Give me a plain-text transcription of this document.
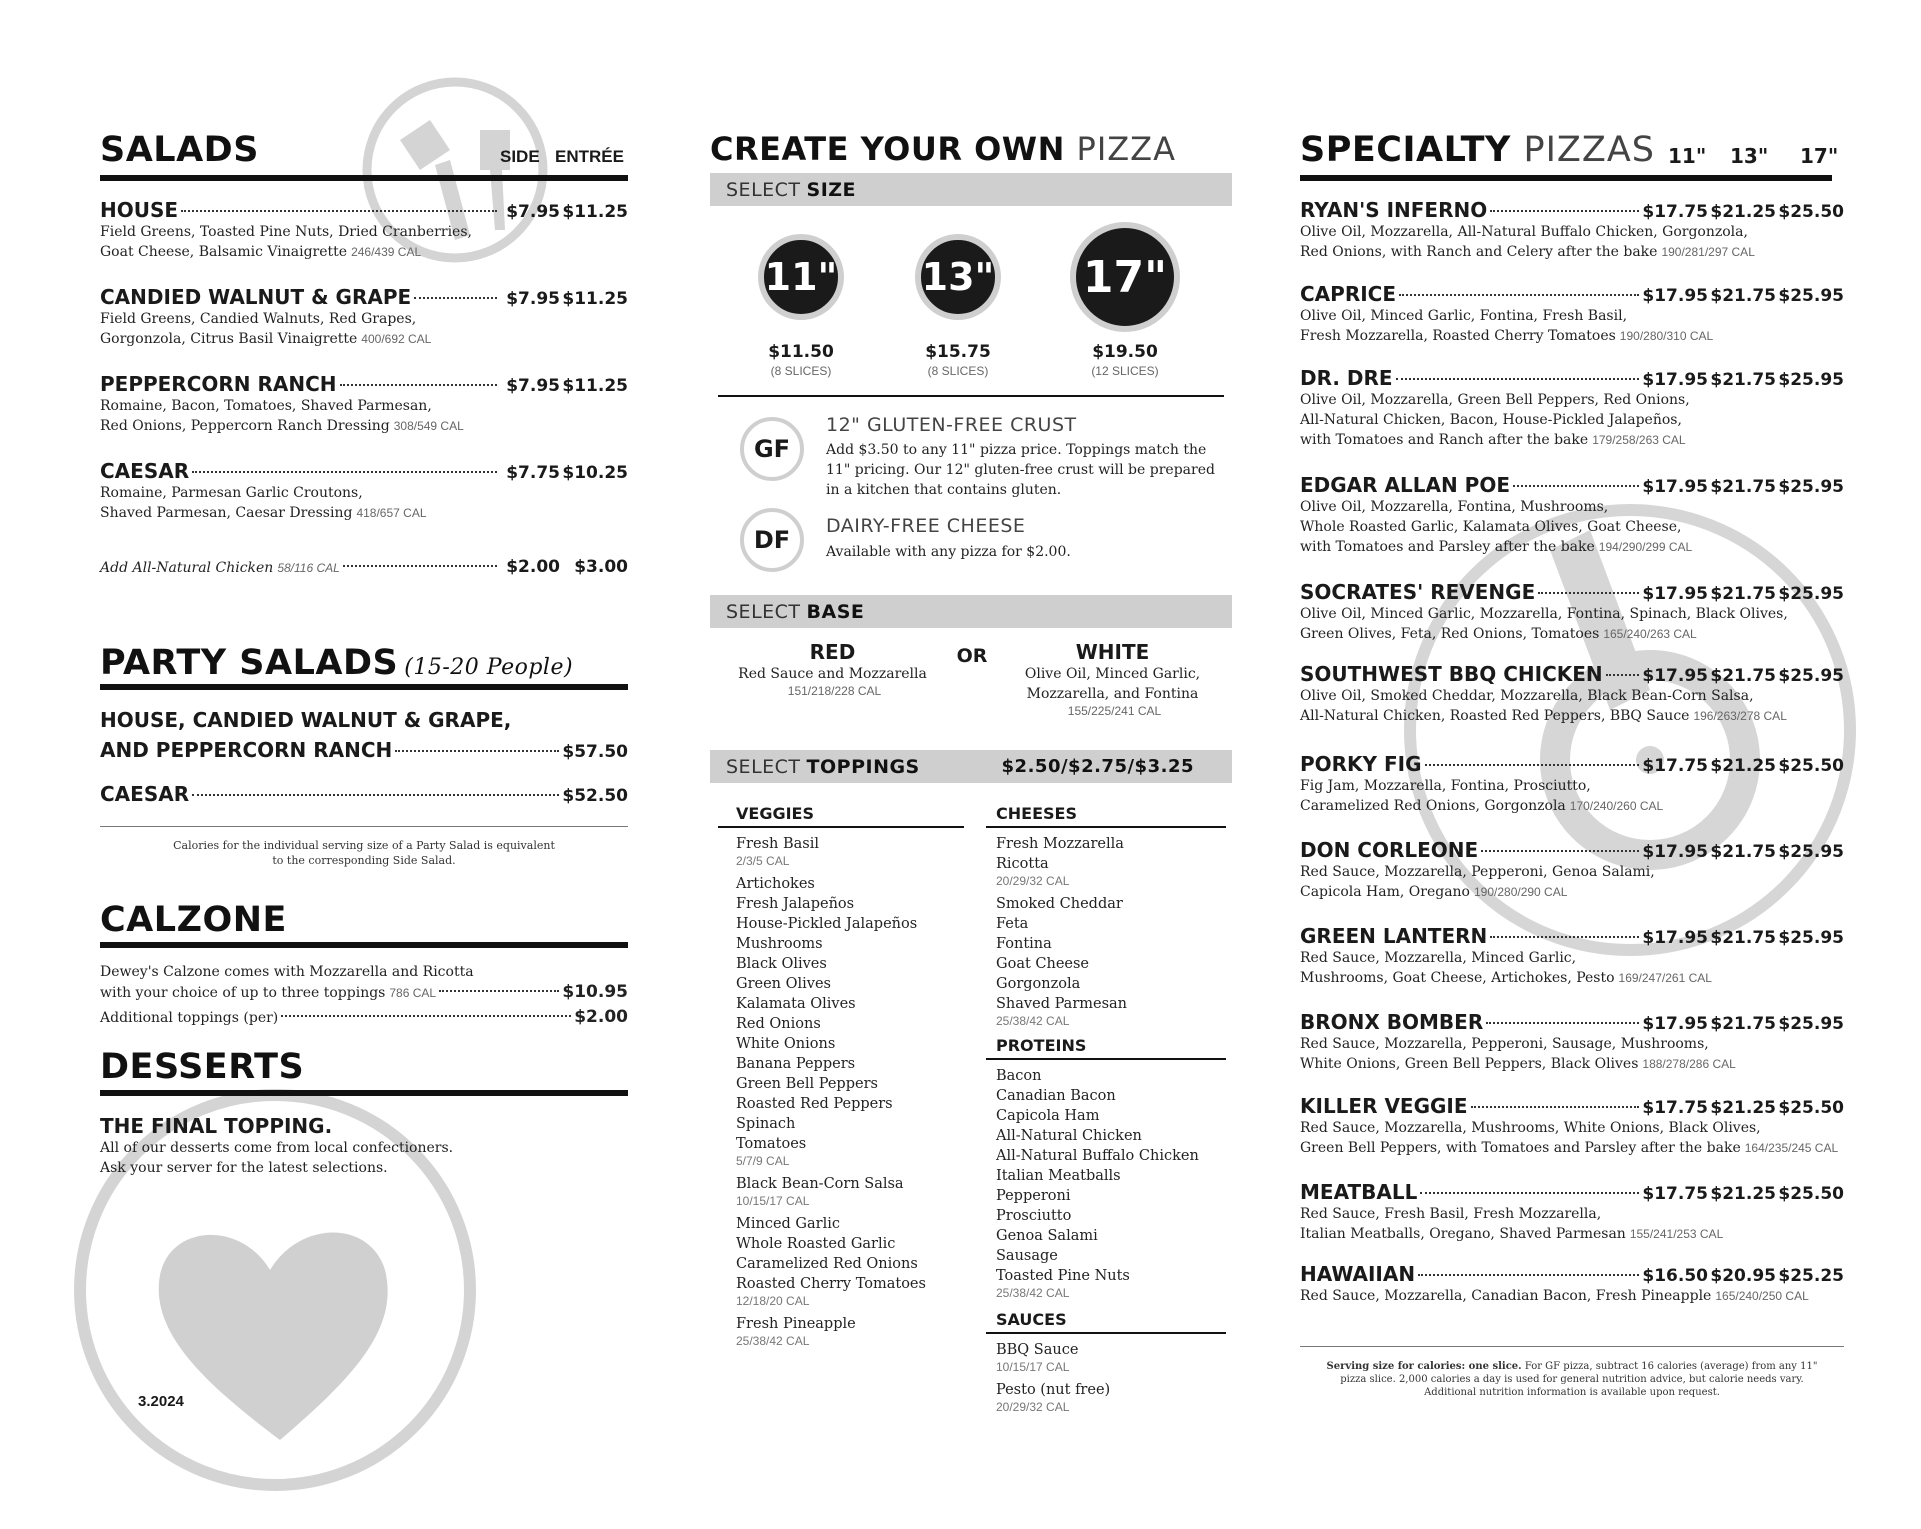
SALADS	SIDE ENTRÉE
HOUSE	$7.95 $11.25
Field Greens, Toasted Pine Nuts, Dried Cranberries,
Goat Cheese, Balsamic Vinaigrette 246/439 CAL
CANDIED WALNUT & GRAPE	$7.95 $11.25
Field Greens, Candied Walnuts, Red Grapes,
Gorgonzola, Citrus Basil Vinaigrette 400/692 CAL
PEPPERCORN RANCH	$7.95 $11.25
Romaine, Bacon, Tomatoes, Shaved Parmesan,
Red Onions, Peppercorn Ranch Dressing 308/549 CAL
CAESAR	$7.75 $10.25
Romaine, Parmesan Garlic Croutons,
Shaved Parmesan, Caesar Dressing 418/657 CAL
Add All-Natural Chicken 58/116 CAL	$2.00 $3.00
PARTY SALADS (15-20 People)
HOUSE, CANDIED WALNUT & GRAPE,
AND PEPPERCORN RANCH	$57.50
CAESAR	$52.50
Calories for the individual serving size of a Party Salad is equivalent
to the corresponding Side Salad.
CALZONE
Dewey's Calzone comes with Mozzarella and Ricotta
with your choice of up to three toppings 786 CAL	$10.95
Additional toppings (per)	$2.00
DESSERTS
THE FINAL TOPPING.
All of our desserts come from local confectioners.
Ask your server for the latest selections.
3.2024
CREATE YOUR OWN PIZZA
SELECT SIZE
11" 13" 17"
$11.50	$15.75	$19.50
(8 SLICES)	(8 SLICES)	(12 SLICES)
GF
12" GLUTEN-FREE CRUST
Add $3.50 to any 11" pizza price. Toppings match the
11" pricing. Our 12" gluten-free crust will be prepared
in a kitchen that contains gluten.
DF	DAIRY-FREE CHEESE
Available with any pizza for $2.00.
SELECT BASE
RED
Red Sauce and Mozzarella
151/218/228 CAL
OR	WHITE
Olive Oil, Minced Garlic,
Mozzarella, and Fontina
155/225/241 CAL
SELECT TOPPINGS	$2.50/$2.75/$3.25
VEGGIES
Fresh Basil
2/3/5 CAL
Artichokes
Fresh Jalapeños
House-Pickled Jalapeños
Mushrooms
Black Olives
Green Olives
Kalamata Olives
Red Onions
White Onions
Banana Peppers
Green Bell Peppers
Roasted Red Peppers
Spinach
Tomatoes
5/7/9 CAL
Black Bean-Corn Salsa
10/15/17 CAL
Minced Garlic
Whole Roasted Garlic
Caramelized Red Onions
Roasted Cherry Tomatoes
12/18/20 CAL
Fresh Pineapple
25/38/42 CAL
CHEESES
Fresh Mozzarella
Ricotta
20/29/32 CAL
Smoked Cheddar
Feta
Fontina
Goat Cheese
Gorgonzola
Shaved Parmesan
25/38/42 CAL
PROTEINS
Bacon
Canadian Bacon
Capicola Ham
All-Natural Chicken
All-Natural Buffalo Chicken
Italian Meatballs
Pepperoni
Prosciutto
Genoa Salami
Sausage
Toasted Pine Nuts
25/38/42 CAL
SAUCES
BBQ Sauce
10/15/17 CAL
Pesto (nut free)
20/29/32 CAL
SPECIALTY PIZZAS 11" 13" 17"
RYAN'S INFERNO	$17.75 $21.25 $25.50
Olive Oil, Mozzarella, All-Natural Buffalo Chicken, Gorgonzola,
Red Onions, with Ranch and Celery after the bake 190/281/297 CAL
CAPRICE	$17.95 $21.75 $25.95
Olive Oil, Minced Garlic, Fontina, Fresh Basil,
Fresh Mozzarella, Roasted Cherry Tomatoes 190/280/310 CAL
DR. DRE	$17.95 $21.75 $25.95
Olive Oil, Mozzarella, Green Bell Peppers, Red Onions,
All-Natural Chicken, Bacon, House-Pickled Jalapeños,
with Tomatoes and Ranch after the bake 179/258/263 CAL
EDGAR ALLAN POE	$17.95 $21.75 $25.95
Olive Oil, Mozzarella, Fontina, Mushrooms,
Whole Roasted Garlic, Kalamata Olives, Goat Cheese,
with Tomatoes and Parsley after the bake 194/290/299 CAL
SOCRATES' REVENGE	$17.95 $21.75 $25.95
Olive Oil, Minced Garlic, Mozzarella, Fontina, Spinach, Black Olives,
Green Olives, Feta, Red Onions, Tomatoes 165/240/263 CAL
SOUTHWEST BBQ CHICKEN $17.95 $21.75 $25.95
Olive Oil, Smoked Cheddar, Mozzarella, Black Bean-Corn Salsa,
All-Natural Chicken, Roasted Red Peppers, BBQ Sauce 196/263/278 CAL
PORKY FIG	$17.75 $21.25 $25.50
Fig Jam, Mozzarella, Fontina, Prosciutto,
Caramelized Red Onions, Gorgonzola 170/240/260 CAL
DON CORLEONE	$17.95 $21.75 $25.95
Red Sauce, Mozzarella, Pepperoni, Genoa Salami,
Capicola Ham, Oregano 190/280/290 CAL
GREEN LANTERN	$17.95 $21.75 $25.95
Red Sauce, Mozzarella, Minced Garlic,
Mushrooms, Goat Cheese, Artichokes, Pesto 169/247/261 CAL
BRONX BOMBER	$17.95 $21.75 $25.95
Red Sauce, Mozzarella, Pepperoni, Sausage, Mushrooms,
White Onions, Green Bell Peppers, Black Olives 188/278/286 CAL
KILLER VEGGIE	$17.75 $21.25 $25.50
Red Sauce, Mozzarella, Mushrooms, White Onions, Black Olives,
Green Bell Peppers, with Tomatoes and Parsley after the bake 164/235/245 CAL
MEATBALL	$17.75 $21.25 $25.50
Red Sauce, Fresh Basil, Fresh Mozzarella,
Italian Meatballs, Oregano, Shaved Parmesan 155/241/253 CAL
HAWAIIAN	$16.50 $20.95 $25.25
Red Sauce, Mozzarella, Canadian Bacon, Fresh Pineapple 165/240/250 CAL
Serving size for calories: one slice. For GF pizza, subtract 16 calories (average) from any 11"
pizza slice. 2,000 calories a day is used for general nutrition advice, but calorie needs vary.
Additional nutrition information is available upon request.
